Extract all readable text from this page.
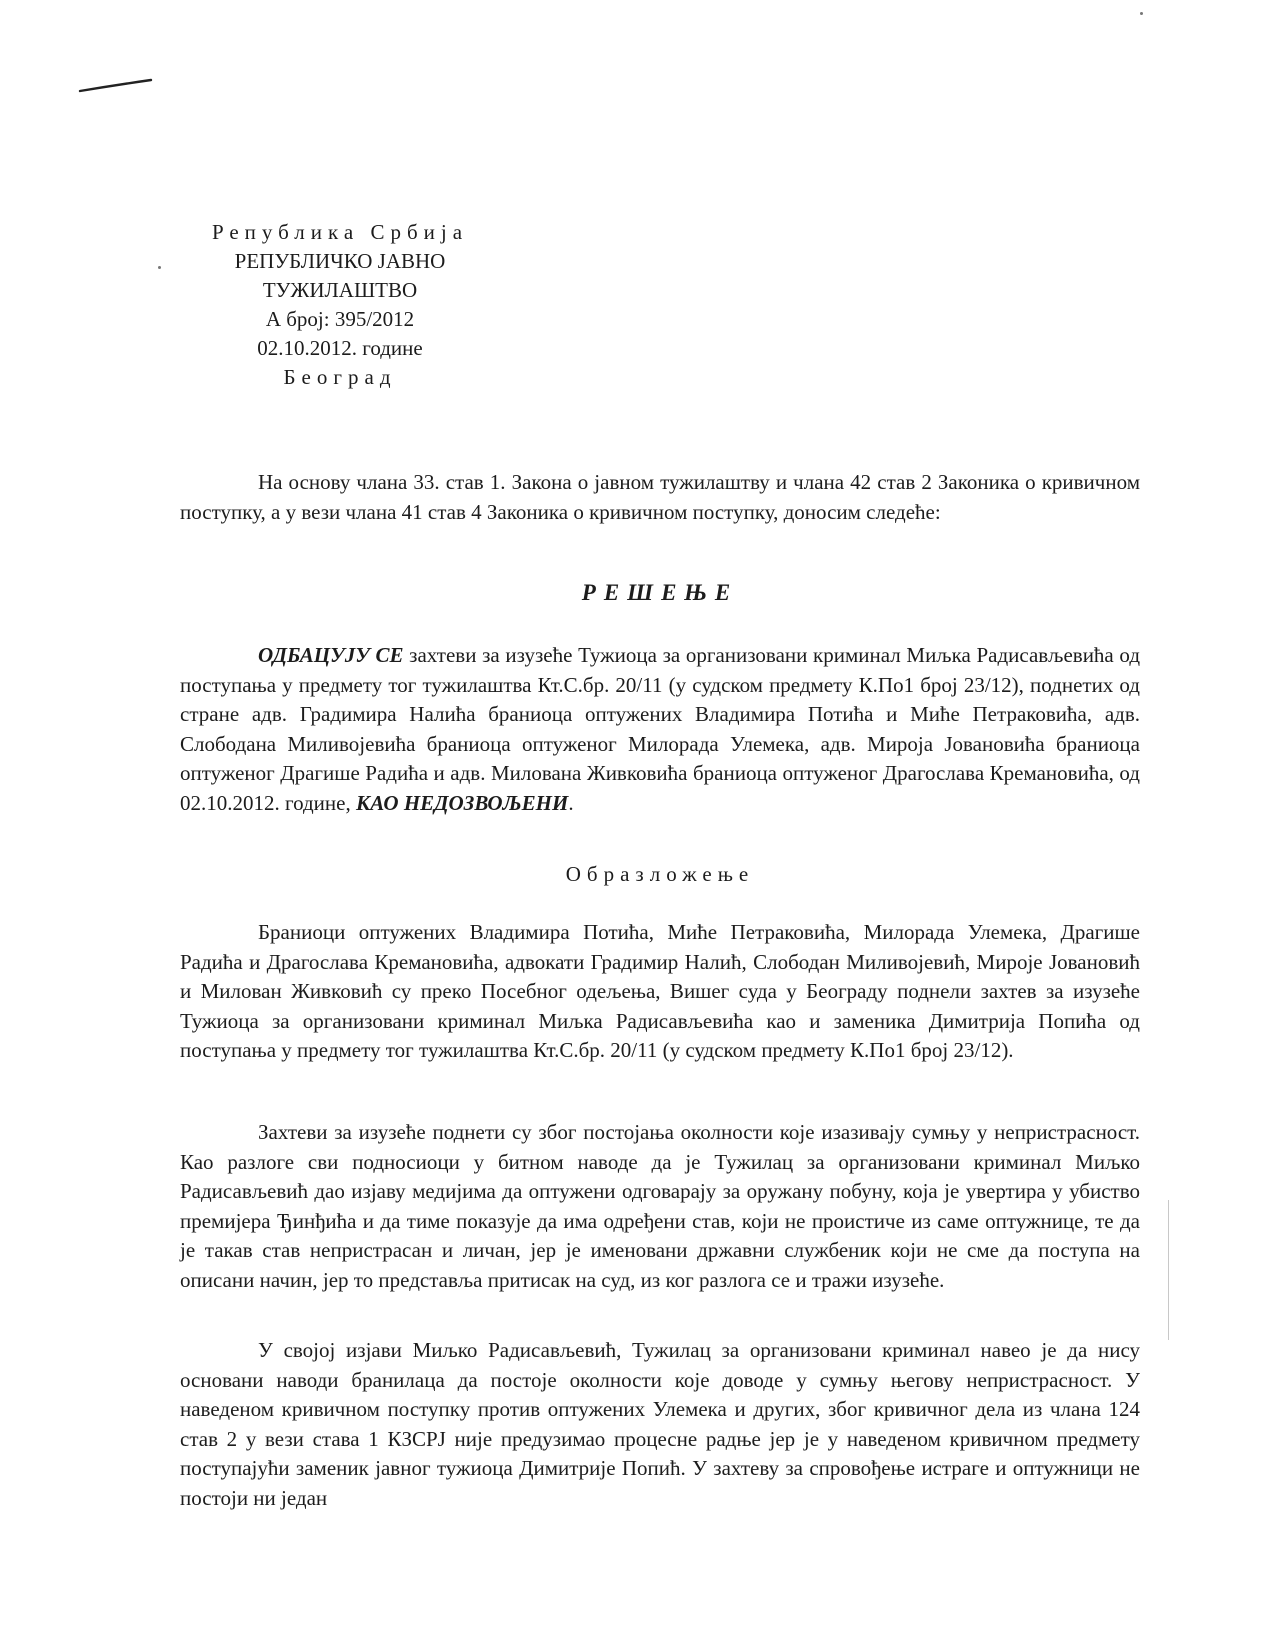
Република Србија
РЕПУБЛИЧКО ЈАВНО
ТУЖИЛАШТВО
А број: 395/2012
02.10.2012. године
Београд

На основу члана 33. став 1. Закона о јавном тужилаштву и члана 42 став 2 Законика о кривичном поступку, а у вези члана 41 став 4 Законика о кривичном поступку, доносим следеће:

РЕШЕЊЕ

ОДБАЦУЈУ СЕ захтеви за изузеће Тужиоца за организовани криминал Миљка Радисављевића од поступања у предмету тог тужилаштва Кт.С.бр. 20/11 (у судском предмету К.По1 број 23/12), поднетих од стране адв. Градимира Налића браниоца оптужених Владимира Потића и Миће Петраковића, адв. Слободана Миливојевића браниоца оптуженог Милорада Улемека, адв. Мироја Јовановића браниоца оптуженог Драгише Радића и адв. Милована Живковића браниоца оптуженог Драгослава Кремановића, од 02.10.2012. године, КАО НЕДОЗВОЉЕНИ.

Образложење

Браниоци оптужених Владимира Потића, Миће Петраковића, Милорада Улемека, Драгише Радића и Драгослава Кремановића, адвокати Градимир Налић, Слободан Миливојевић, Мироје Јовановић и Милован Живковић су преко Посебног одељења, Вишег суда у Београду поднели захтев за изузеће Тужиоца за организовани криминал Миљка Радисављевића као и заменика Димитрија Попића од поступања у предмету тог тужилаштва Кт.С.бр. 20/11 (у судском предмету К.По1 број 23/12).

Захтеви за изузеће поднети су због постојања околности које изазивају сумњу у непристрасност. Као разлоге сви подносиоци у битном наводе да је Тужилац за организовани криминал Миљко Радисављевић дао изјаву медијима да оптужени одговарају за оружану побуну, која је увертира у убиство премијера Ђинђића и да тиме показује да има одређени став, који не проистиче из саме оптужнице, те да је такав став непристрасан и личан, јер је именовани државни службеник који не сме да поступа на описани начин, јер то представља притисак на суд, из ког разлога се и тражи изузеће.

У својој изјави Миљко Радисављевић, Тужилац за организовани криминал навео је да нису основани наводи бранилаца да постоје околности које доводе у сумњу његову непристрасност. У наведеном кривичном поступку против оптужених Улемека и других, због кривичног дела из члана 124 став 2 у вези става 1 КЗСРЈ није предузимао процесне радње јер је у наведеном кривичном предмету поступајући заменик јавног тужиоца Димитрије Попић. У захтеву за спровођење истраге и оптужници не постоји ни један
